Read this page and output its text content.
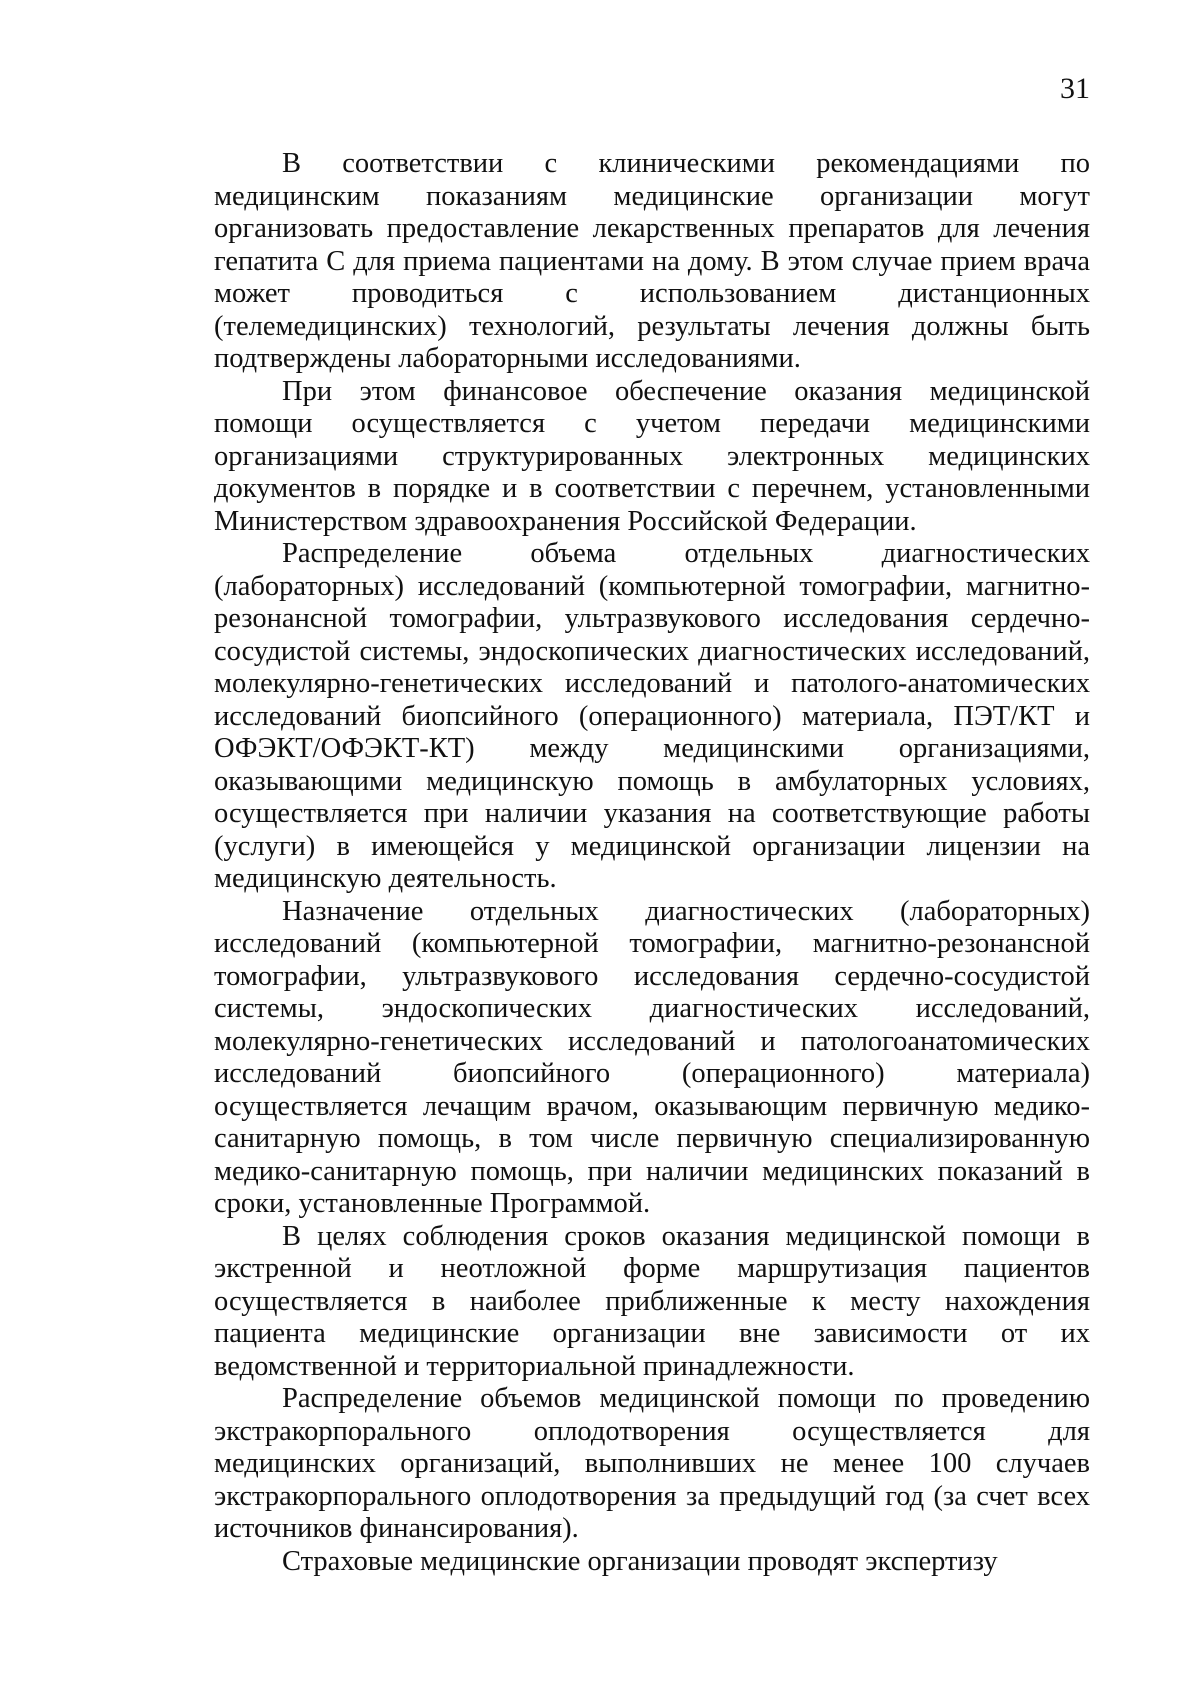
31

В соответствии с клиническими рекомендациями по медицинским показаниям медицинские организации могут организовать предоставление лекарственных препаратов для лечения гепатита С для приема пациентами на дому. В этом случае прием врача может проводиться с использованием дистанционных (телемедицинских) технологий, результаты лечения должны быть подтверждены лабораторными исследованиями.

При этом финансовое обеспечение оказания медицинской помощи осуществляется с учетом передачи медицинскими организациями структурированных электронных медицинских документов в порядке и в соответствии с перечнем, установленными Министерством здравоохранения Российской Федерации.

Распределение объема отдельных диагностических (лабораторных) исследований (компьютерной томографии, магнитно-резонансной томографии, ультразвукового исследования сердечно-сосудистой системы, эндоскопических диагностических исследований, молекулярно-генетических исследований и патолого-анатомических исследований биопсийного (операционного) материала, ПЭТ/КТ и ОФЭКТ/ОФЭКТ-КТ) между медицинскими организациями, оказывающими медицинскую помощь в амбулаторных условиях, осуществляется при наличии указания на соответствующие работы (услуги) в имеющейся у медицинской организации лицензии на медицинскую деятельность.

Назначение отдельных диагностических (лабораторных) исследований (компьютерной томографии, магнитно-резонансной томографии, ультразвукового исследования сердечно-сосудистой системы, эндоскопических диагностических исследований, молекулярно-генетических исследований и патологоанатомических исследований биопсийного (операционного) материала) осуществляется лечащим врачом, оказывающим первичную медико-санитарную помощь, в том числе первичную специализированную медико-санитарную помощь, при наличии медицинских показаний в сроки, установленные Программой.

В целях соблюдения сроков оказания медицинской помощи в экстренной и неотложной форме маршрутизация пациентов осуществляется в наиболее приближенные к месту нахождения пациента медицинские организации вне зависимости от их ведомственной и территориальной принадлежности.

Распределение объемов медицинской помощи по проведению экстракорпорального оплодотворения осуществляется для медицинских организаций, выполнивших не менее 100 случаев экстракорпорального оплодотворения за предыдущий год (за счет всех источников финансирования).

Страховые медицинские организации проводят экспертизу
